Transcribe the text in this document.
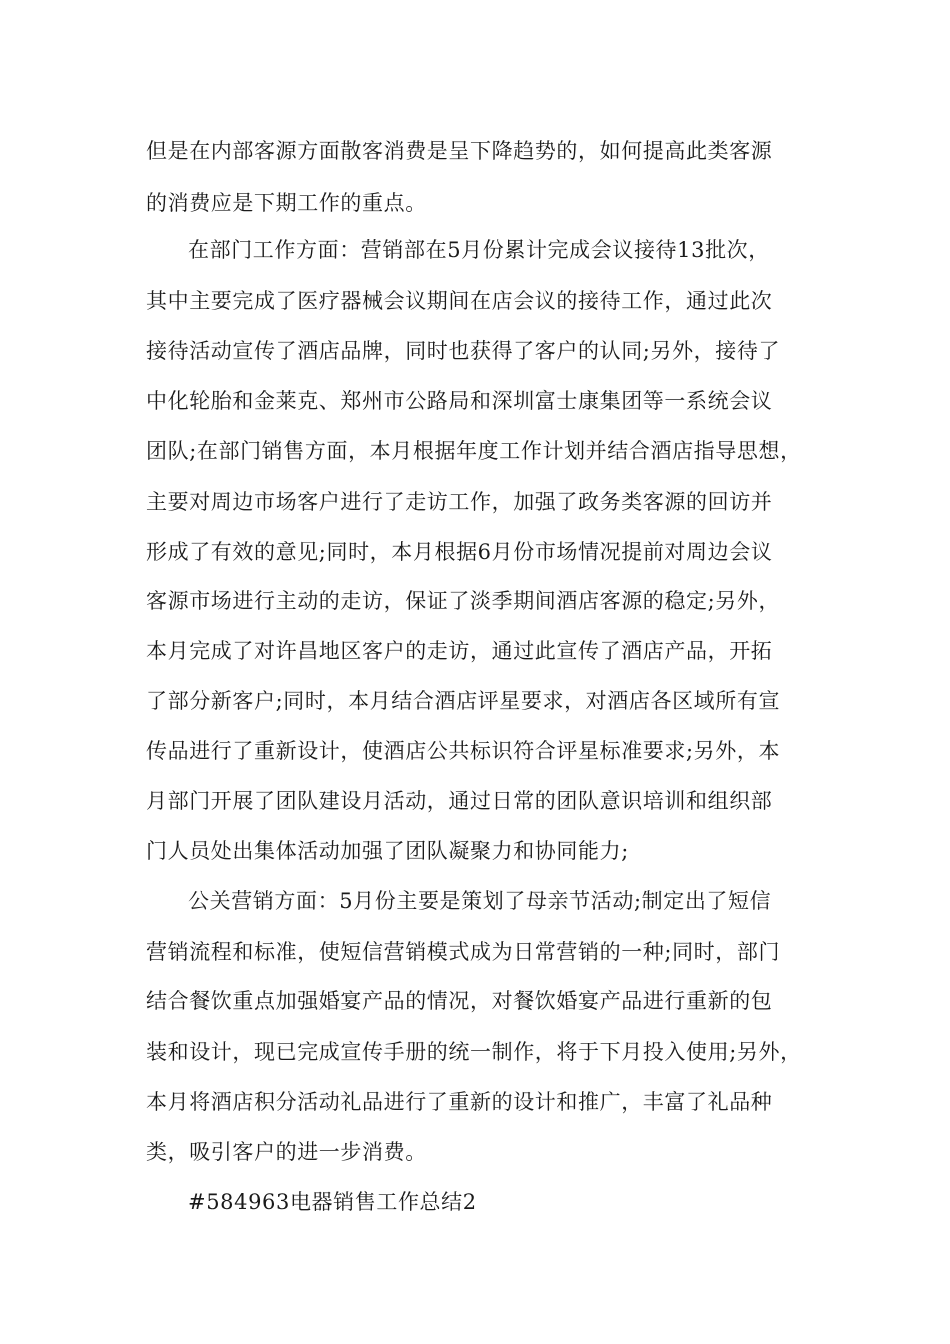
但是在内部客源方面散客消费是呈下降趋势的，如何提高此类客源
的消费应是下期工作的重点。
在部门工作方面：营销部在5月份累计完成会议接待13批次，
其中主要完成了医疗器械会议期间在店会议的接待工作，通过此次
接待活动宣传了酒店品牌，同时也获得了客户的认同;另外，接待了
中化轮胎和金莱克、郑州市公路局和深圳富士康集团等一系统会议
团队;在部门销售方面，本月根据年度工作计划并结合酒店指导思想，
主要对周边市场客户进行了走访工作，加强了政务类客源的回访并
形成了有效的意见;同时，本月根据6月份市场情况提前对周边会议
客源市场进行主动的走访，保证了淡季期间酒店客源的稳定;另外，
本月完成了对许昌地区客户的走访，通过此宣传了酒店产品，开拓
了部分新客户;同时，本月结合酒店评星要求，对酒店各区域所有宣
传品进行了重新设计，使酒店公共标识符合评星标准要求;另外，本
月部门开展了团队建设月活动，通过日常的团队意识培训和组织部
门人员处出集体活动加强了团队凝聚力和协同能力;
公关营销方面：5月份主要是策划了母亲节活动;制定出了短信
营销流程和标准，使短信营销模式成为日常营销的一种;同时，部门
结合餐饮重点加强婚宴产品的情况，对餐饮婚宴产品进行重新的包
装和设计，现已完成宣传手册的统一制作，将于下月投入使用;另外，
本月将酒店积分活动礼品进行了重新的设计和推广，丰富了礼品种
类，吸引客户的进一步消费。
#584963电器销售工作总结2
